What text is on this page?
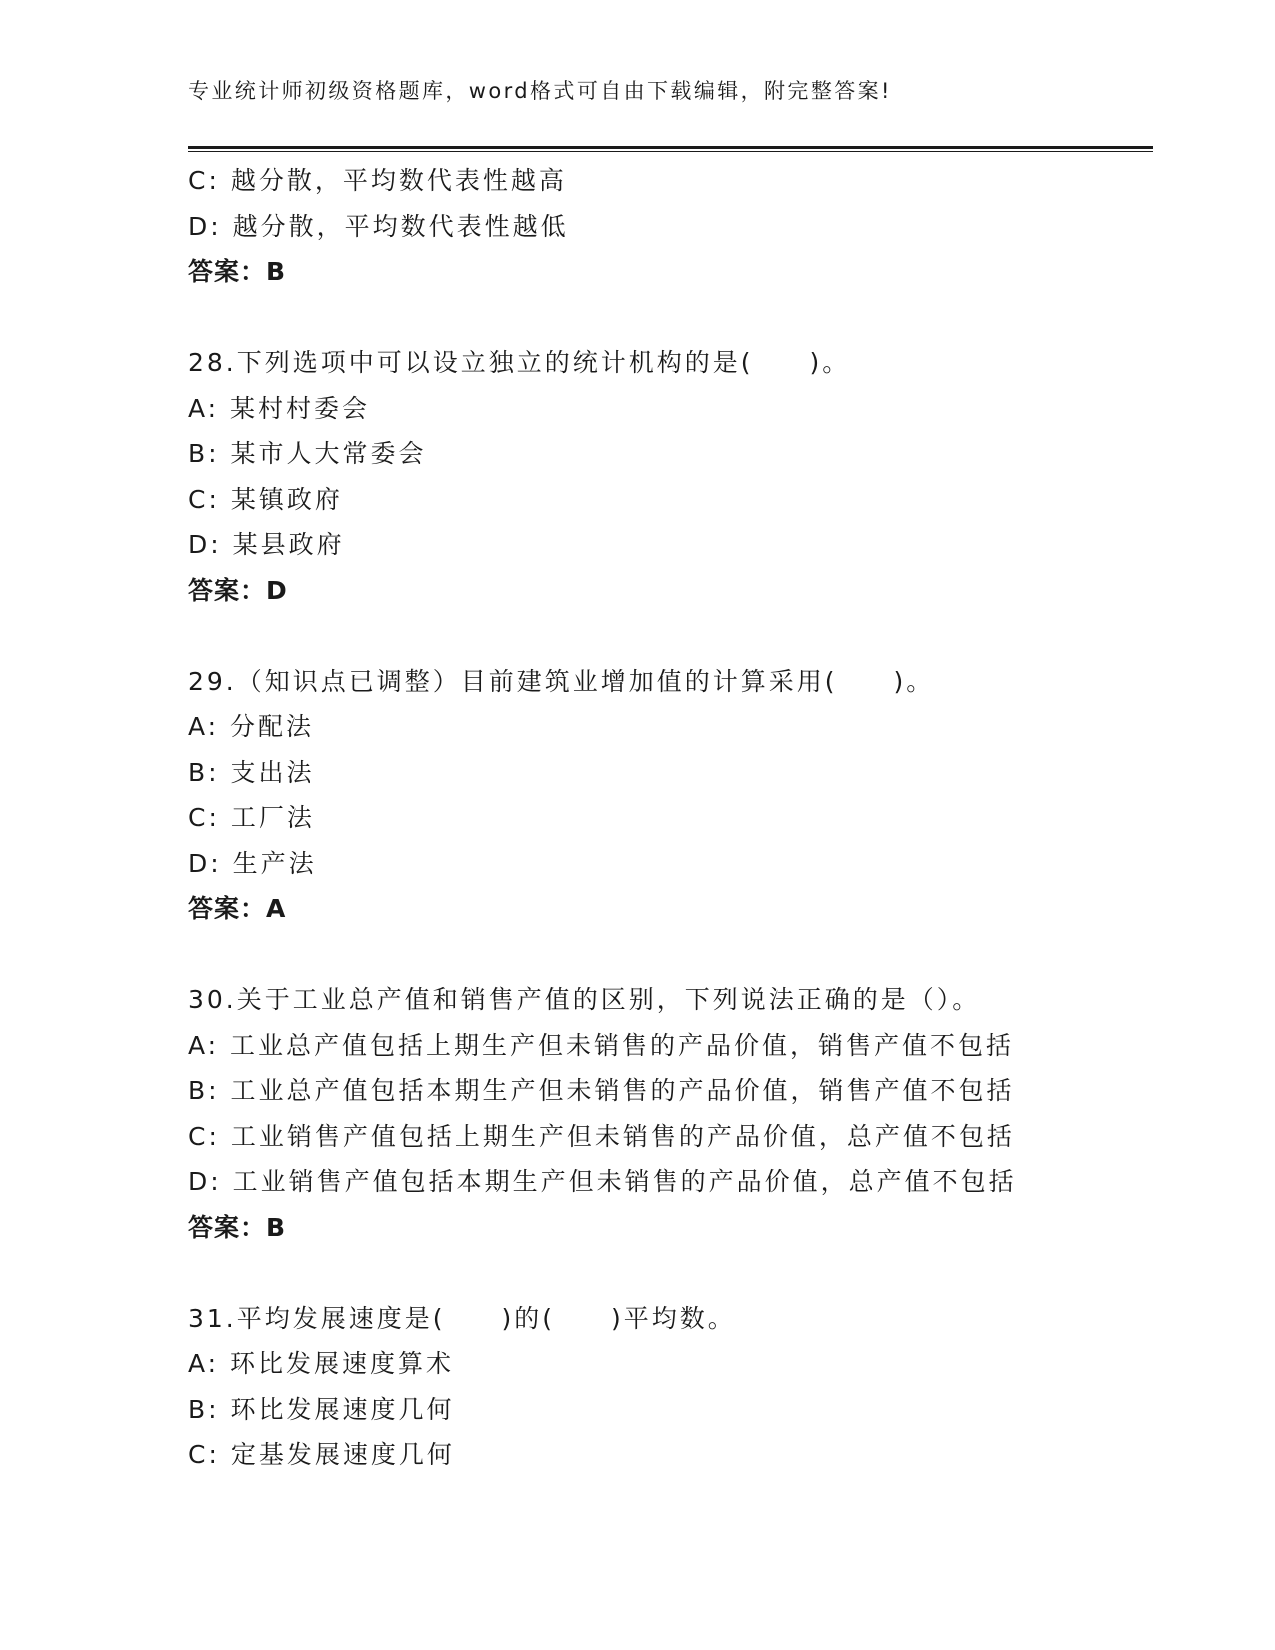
专业统计师初级资格题库，word格式可自由下载编辑，附完整答案!
C: 越分散，平均数代表性越高
D: 越分散，平均数代表性越低
答案：B
28.下列选项中可以设立独立的统计机构的是(　　)。
A: 某村村委会
B: 某市人大常委会
C: 某镇政府
D: 某县政府
答案：D
29.（知识点已调整）目前建筑业增加值的计算采用(　　)。
A: 分配法
B: 支出法
C: 工厂法
D: 生产法
答案：A
30.关于工业总产值和销售产值的区别，下列说法正确的是（）。
A: 工业总产值包括上期生产但未销售的产品价值，销售产值不包括
B: 工业总产值包括本期生产但未销售的产品价值，销售产值不包括
C: 工业销售产值包括上期生产但未销售的产品价值，总产值不包括
D: 工业销售产值包括本期生产但未销售的产品价值，总产值不包括
答案：B
31.平均发展速度是(　　)的(　　)平均数。
A: 环比发展速度算术
B: 环比发展速度几何
C: 定基发展速度几何
